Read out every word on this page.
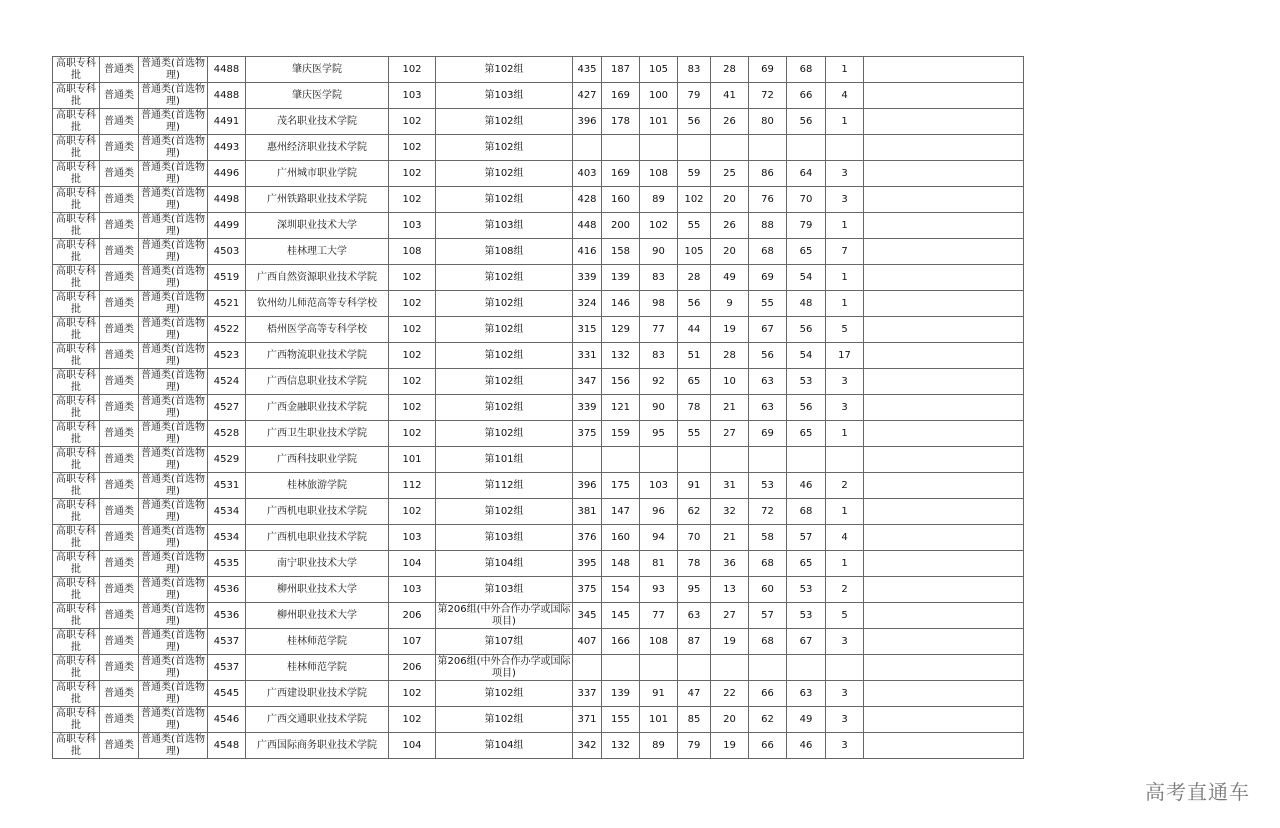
高职专科批	普通类	普通类(首选物理)	4488	肇庆医学院	102	第102组	435	187	105	83	28	69	68	1	
高职专科批	普通类	普通类(首选物理)	4488	肇庆医学院	103	第103组	427	169	100	79	41	72	66	4	
高职专科批	普通类	普通类(首选物理)	4491	茂名职业技术学院	102	第102组	396	178	101	56	26	80	56	1	
高职专科批	普通类	普通类(首选物理)	4493	惠州经济职业技术学院	102	第102组									
高职专科批	普通类	普通类(首选物理)	4496	广州城市职业学院	102	第102组	403	169	108	59	25	86	64	3	
高职专科批	普通类	普通类(首选物理)	4498	广州铁路职业技术学院	102	第102组	428	160	89	102	20	76	70	3	
高职专科批	普通类	普通类(首选物理)	4499	深圳职业技术大学	103	第103组	448	200	102	55	26	88	79	1	
高职专科批	普通类	普通类(首选物理)	4503	桂林理工大学	108	第108组	416	158	90	105	20	68	65	7	
高职专科批	普通类	普通类(首选物理)	4519	广西自然资源职业技术学院	102	第102组	339	139	83	28	49	69	54	1	
高职专科批	普通类	普通类(首选物理)	4521	钦州幼儿师范高等专科学校	102	第102组	324	146	98	56	9	55	48	1	
高职专科批	普通类	普通类(首选物理)	4522	梧州医学高等专科学校	102	第102组	315	129	77	44	19	67	56	5	
高职专科批	普通类	普通类(首选物理)	4523	广西物流职业技术学院	102	第102组	331	132	83	51	28	56	54	17	
高职专科批	普通类	普通类(首选物理)	4524	广西信息职业技术学院	102	第102组	347	156	92	65	10	63	53	3	
高职专科批	普通类	普通类(首选物理)	4527	广西金融职业技术学院	102	第102组	339	121	90	78	21	63	56	3	
高职专科批	普通类	普通类(首选物理)	4528	广西卫生职业技术学院	102	第102组	375	159	95	55	27	69	65	1	
高职专科批	普通类	普通类(首选物理)	4529	广西科技职业学院	101	第101组									
高职专科批	普通类	普通类(首选物理)	4531	桂林旅游学院	112	第112组	396	175	103	91	31	53	46	2	
高职专科批	普通类	普通类(首选物理)	4534	广西机电职业技术学院	102	第102组	381	147	96	62	32	72	68	1	
高职专科批	普通类	普通类(首选物理)	4534	广西机电职业技术学院	103	第103组	376	160	94	70	21	58	57	4	
高职专科批	普通类	普通类(首选物理)	4535	南宁职业技术大学	104	第104组	395	148	81	78	36	68	65	1	
高职专科批	普通类	普通类(首选物理)	4536	柳州职业技术大学	103	第103组	375	154	93	95	13	60	53	2	
高职专科批	普通类	普通类(首选物理)	4536	柳州职业技术大学	206	第206组(中外合作办学或国际项目)	345	145	77	63	27	57	53	5	
高职专科批	普通类	普通类(首选物理)	4537	桂林师范学院	107	第107组	407	166	108	87	19	68	67	3	
高职专科批	普通类	普通类(首选物理)	4537	桂林师范学院	206	第206组(中外合作办学或国际项目)									
高职专科批	普通类	普通类(首选物理)	4545	广西建设职业技术学院	102	第102组	337	139	91	47	22	66	63	3	
高职专科批	普通类	普通类(首选物理)	4546	广西交通职业技术学院	102	第102组	371	155	101	85	20	62	49	3	
高职专科批	普通类	普通类(首选物理)	4548	广西国际商务职业技术学院	104	第104组	342	132	89	79	19	66	46	3	
高考直通车
